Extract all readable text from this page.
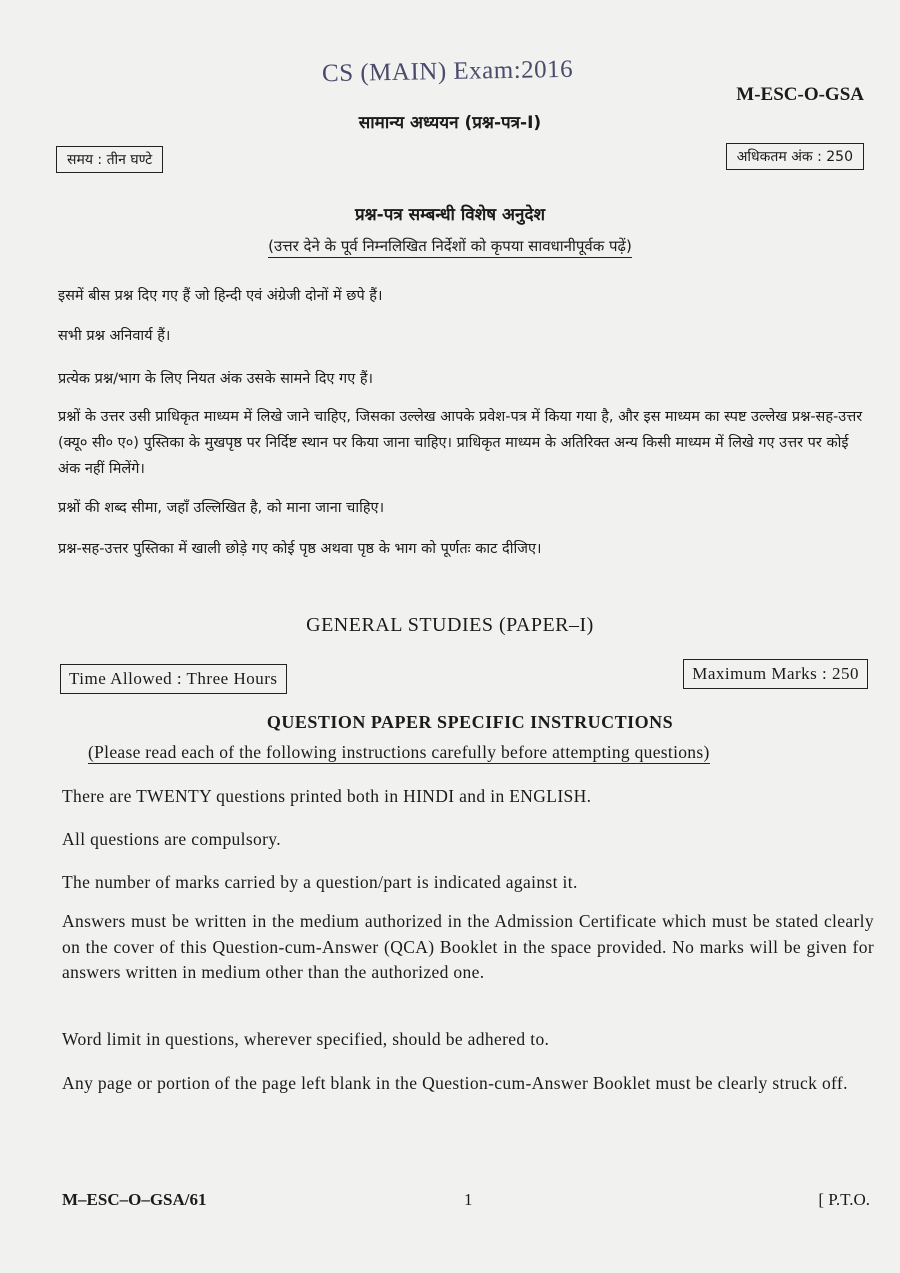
CS (MAIN) Exam:2016
M-ESC-O-GSA
सामान्य अध्ययन (प्रश्न-पत्र-I)
समय : तीन घण्टे	अधिकतम अंक : 250
प्रश्न-पत्र सम्बन्धी विशेष अनुदेश
(उत्तर देने के पूर्व निम्नलिखित निर्देशों को कृपया सावधानीपूर्वक पढ़ें)
इसमें बीस प्रश्न दिए गए हैं जो हिन्दी एवं अंग्रेजी दोनों में छपे हैं।
सभी प्रश्न अनिवार्य हैं।
प्रत्येक प्रश्न/भाग के लिए नियत अंक उसके सामने दिए गए हैं।
प्रश्नों के उत्तर उसी प्राधिकृत माध्यम में लिखे जाने चाहिए, जिसका उल्लेख आपके प्रवेश-पत्र में किया गया है, और इस माध्यम का स्पष्ट उल्लेख प्रश्न-सह-उत्तर (क्यू० सी० ए०) पुस्तिका के मुखपृष्ठ पर निर्दिष्ट स्थान पर किया जाना चाहिए। प्राधिकृत माध्यम के अतिरिक्त अन्य किसी माध्यम में लिखे गए उत्तर पर कोई अंक नहीं मिलेंगे।
प्रश्नों की शब्द सीमा, जहाँ उल्लिखित है, को माना जाना चाहिए।
प्रश्न-सह-उत्तर पुस्तिका में खाली छोड़े गए कोई पृष्ठ अथवा पृष्ठ के भाग को पूर्णतः काट दीजिए।
GENERAL STUDIES (PAPER–I)
Time Allowed : Three Hours	Maximum Marks : 250
QUESTION PAPER SPECIFIC INSTRUCTIONS
(Please read each of the following instructions carefully before attempting questions)
There are TWENTY questions printed both in HINDI and in ENGLISH.
All questions are compulsory.
The number of marks carried by a question/part is indicated against it.
Answers must be written in the medium authorized in the Admission Certificate which must be stated clearly on the cover of this Question-cum-Answer (QCA) Booklet in the space provided. No marks will be given for answers written in medium other than the authorized one.
Word limit in questions, wherever specified, should be adhered to.
Any page or portion of the page left blank in the Question-cum-Answer Booklet must be clearly struck off.
M–ESC–O–GSA/61	1	[ P.T.O.
